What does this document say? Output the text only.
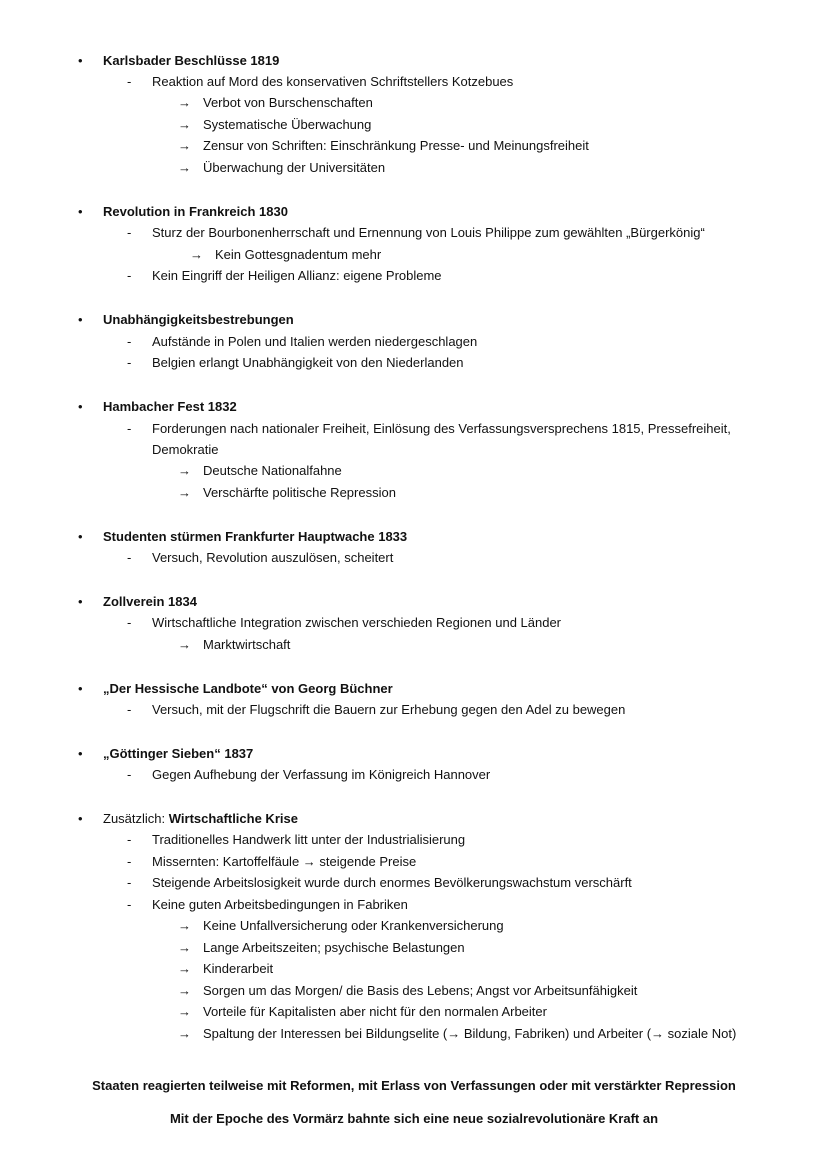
• Karlsbader Beschlüsse 1819
- Reaktion auf Mord des konservativen Schriftstellers Kotzebues
→ Verbot von Burschenschaften
→ Systematische Überwachung
→ Zensur von Schriften: Einschränkung Presse- und Meinungsfreiheit
→ Überwachung der Universitäten
• Revolution in Frankreich 1830
- Sturz der Bourbonenherrschaft und Ernennung von Louis Philippe zum gewählten „Bürgerkönig“
→ Kein Gottesgnadentum mehr
- Kein Eingriff der Heiligen Allianz: eigene Probleme
• Unabhängigkeitsbestrebungen
- Aufstände in Polen und Italien werden niedergeschlagen
- Belgien erlangt Unabhängigkeit von den Niederlanden
• Hambacher Fest 1832
- Forderungen nach nationaler Freiheit, Einlösung des Verfassungsversprechens 1815, Pressefreiheit,
Demokratie
→ Deutsche Nationalfahne
→ Verschärfte politische Repression
• Studenten stürmen Frankfurter Hauptwache 1833
- Versuch, Revolution auszulösen, scheitert
• Zollverein 1834
- Wirtschaftliche Integration zwischen verschieden Regionen und Länder
→ Marktwirtschaft
• „Der Hessische Landbote“ von Georg Büchner
- Versuch, mit der Flugschrift die Bauern zur Erhebung gegen den Adel zu bewegen
• „Göttinger Sieben“ 1837
- Gegen Aufhebung der Verfassung im Königreich Hannover
• Zusätzlich: Wirtschaftliche Krise
- Traditionelles Handwerk litt unter der Industrialisierung
- Missernten: Kartoffelfäule → steigende Preise
- Steigende Arbeitslosigkeit wurde durch enormes Bevölkerungswachstum verschärft
- Keine guten Arbeitsbedingungen in Fabriken
→ Keine Unfallversicherung oder Krankenversicherung
→ Lange Arbeitszeiten; psychische Belastungen
→ Kinderarbeit
→ Sorgen um das Morgen/ die Basis des Lebens; Angst vor Arbeitsunfähigkeit
→ Vorteile für Kapitalisten aber nicht für den normalen Arbeiter
→ Spaltung der Interessen bei Bildungselite (→ Bildung, Fabriken) und Arbeiter (→ soziale Not)
Staaten reagierten teilweise mit Reformen, mit Erlass von Verfassungen oder mit verstärkter Repression
Mit der Epoche des Vormärz bahnte sich eine neue sozialrevolutionäre Kraft an
